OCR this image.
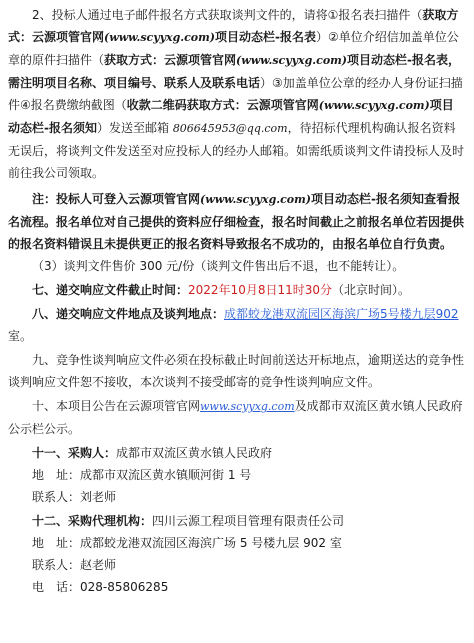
2、投标人通过电子邮件报名方式获取谈判文件的，请将①报名表扫描件（获取方式：云源项管官网(www.scyyxg.com)项目动态栏-报名表）②单位介绍信加盖单位公章的原件扫描件（获取方式：云源项管官网(www.scyyxg.com)项目动态栏-报名表，需注明项目名称、项目编号、联系人及联系电话）③加盖单位公章的经办人身份证扫描件④报名费缴纳截图（收款二维码获取方式：云源项管官网(www.scyyxg.com)项目动态栏-报名须知）发送至邮箱 806645953@qq.com，待招标代理机构确认报名资料无误后，将谈判文件发送至对应投标人的经办人邮箱。如需纸质谈判文件请投标人及时前往我公司领取。

注：投标人可登入云源项管官网(www.scyyxg.com)项目动态栏-报名须知查看报名流程。报名单位对自己提供的资料应仔细检查，报名时间截止之前报名单位若因提供的报名资料错误且未提供更正的报名资料导致报名不成功的，由报名单位自行负责。

（3）谈判文件售价 300 元/份（谈判文件售出后不退，也不能转让）。

七、递交响应文件截止时间：2022年10月8日11时30分（北京时间）。

八、递交响应文件地点及谈判地点：成都蛟龙港双流园区海滨广场5号楼九层902室。

九、竞争性谈判响应文件必须在投标截止时间前送达开标地点，逾期送达的竞争性谈判响应文件恕不接收，本次谈判不接受邮寄的竞争性谈判响应文件。

十、本项目公告在云源项管官网www.scyyxg.com及成都市双流区黄水镇人民政府公示栏公示。

十一、采购人：成都市双流区黄水镇人民政府

地　址：成都市双流区黄水镇顺河街 1 号

联系人：刘老师

十二、采购代理机构：四川云源工程项目管理有限责任公司

地　址：成都蛟龙港双流园区海滨广场 5 号楼九层 902 室

联系人：赵老师

电　话：028-85806285
